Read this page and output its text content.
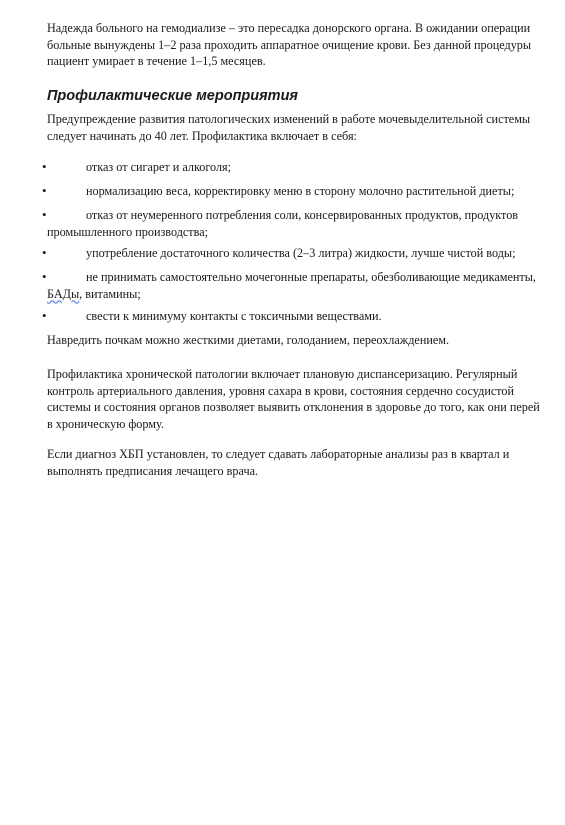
Надежда больного на гемодиализе – это пересадка донорского органа. В ожидании операции
больные вынуждены 1–2 раза проходить аппаратное очищение крови. Без данной процедуры
пациент умирает в течение 1–1,5 месяцев.

Профилактические мероприятия

Предупреждение развития патологических изменений в работе мочевыделительной системы
следует начинать до 40 лет. Профилактика включает в себя:

•	отказ от сигарет и алкоголя;
•	нормализацию веса, корректировку меню в сторону молочно растительной диеты;
•	отказ от неумеренного потребления соли, консервированных продуктов, продуктов
промышленного производства;
•	употребление достаточного количества (2–3 литра) жидкости, лучше чистой воды;
•	не принимать самостоятельно мочегонные препараты, обезболивающие медикаменты,
БАДы, витамины;
•	свести к минимуму контакты с токсичными веществами.

Навредить почкам можно жесткими диетами, голоданием, переохлаждением.

Профилактика хронической патологии включает плановую диспансеризацию. Регулярный
контроль артериального давления, уровня сахара в крови, состояния сердечно сосудистой
системы и состояния органов позволяет выявить отклонения в здоровье до того, как они перей
в хроническую форму.

Если диагноз ХБП установлен, то следует сдавать лабораторные анализы раз в квартал и
выполнять предписания лечащего врача.
